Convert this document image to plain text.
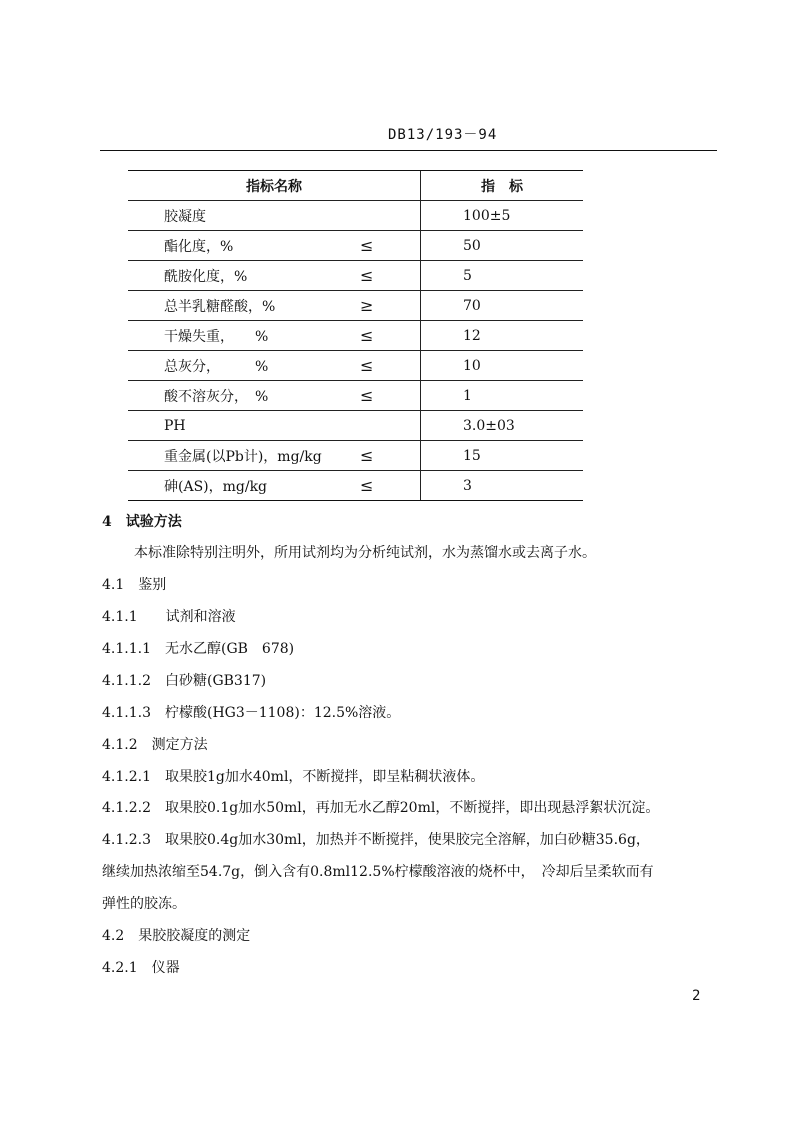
DB13/193－94
指标名称		指　标
胶凝度		100±5
酯化度，%	≤	50
酰胺化度，%	≤	5
总半乳糖醛酸，%	≥	70
干燥失重，　　%	≤	12
总灰分，　　　%	≤	10
酸不溶灰分，　%	≤	1
PH		3.0±03
重金属(以Pb计)，mg/kg	≤	15
砷(AS)，mg/kg	≤	3
4　试验方法
本标准除特别注明外，所用试剂均为分析纯试剂，水为蒸馏水或去离子水。
4.1　鉴别
4.1.1　　试剂和溶液
4.1.1.1　无水乙醇(GB　678)
4.1.1.2　白砂糖(GB317)
4.1.1.3　柠檬酸(HG3－1108)：12.5%溶液。
4.1.2　测定方法
4.1.2.1　取果胶1g加水40ml，不断搅拌，即呈粘稠状液体。
4.1.2.2　取果胶0.1g加水50ml，再加无水乙醇20ml，不断搅拌，即出现悬浮絮状沉淀。
4.1.2.3　取果胶0.4g加水30ml，加热并不断搅拌，使果胶完全溶解，加白砂糖35.6g，
继续加热浓缩至54.7g，倒入含有0.8ml12.5%柠檬酸溶液的烧杯中，　冷却后呈柔软而有
弹性的胶冻。
4.2　果胶胶凝度的测定
4.2.1　仪器
2
